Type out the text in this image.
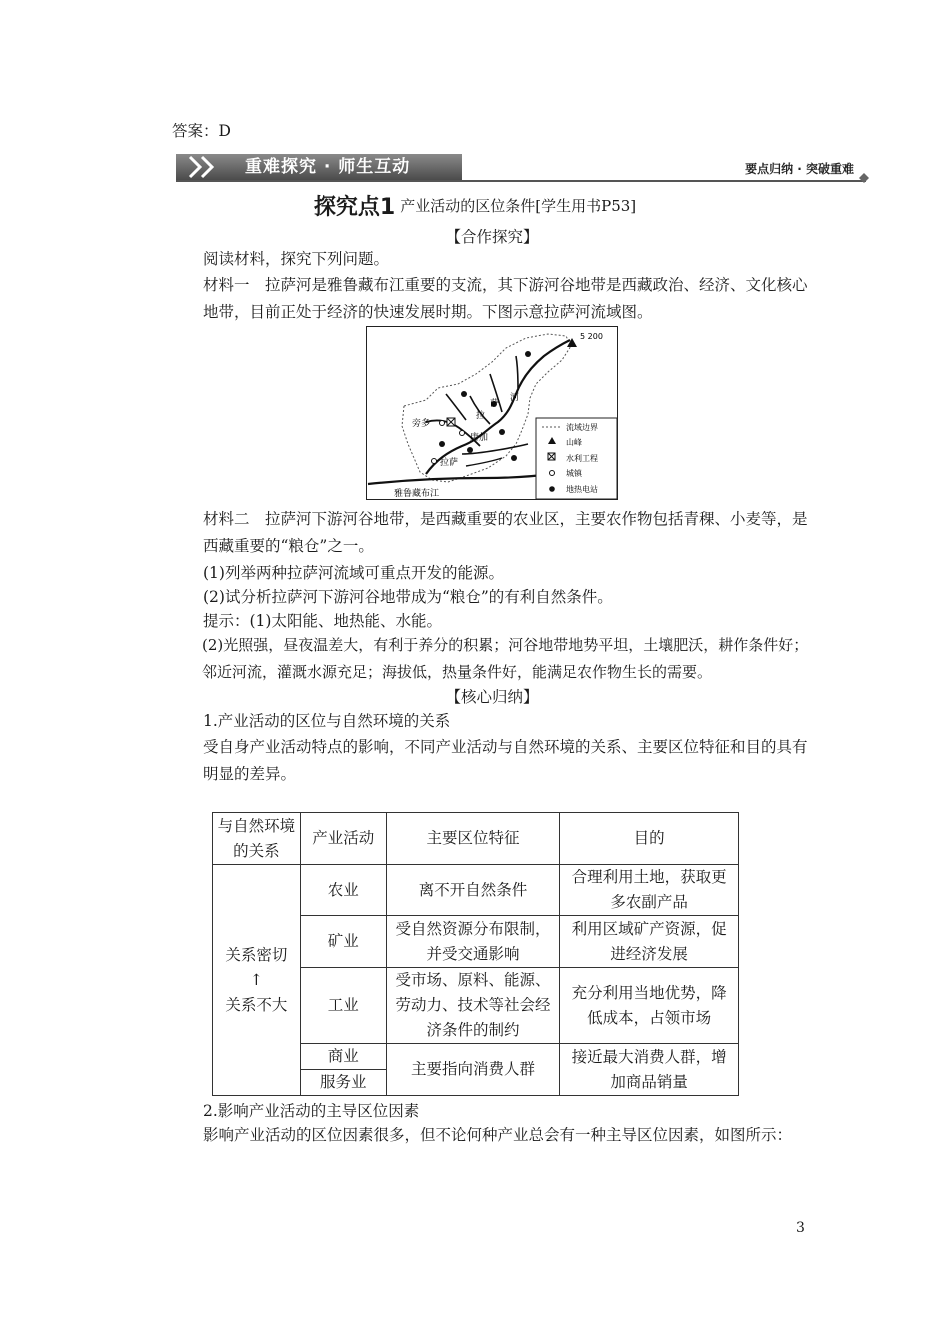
答案：D
重难探究 · 师生互动	要点归纳 · 突破重难
探究点1 产业活动的区位条件[学生用书P53]
【合作探究】
阅读材料，探究下列问题。
材料一　拉萨河是雅鲁藏布江重要的支流，其下游河谷地带是西藏政治、经济、文化核心地带，目前正处于经济的快速发展时期。下图示意拉萨河流域图。
5 200
旁多
唐加
拉萨
拉
萨
河
雅鲁藏布江
流域边界
山峰
水利工程
城镇
地热电站
材料二　拉萨河下游河谷地带，是西藏重要的农业区，主要农作物包括青稞、小麦等，是西藏重要的“粮仓”之一。
(1)列举两种拉萨河流域可重点开发的能源。
(2)试分析拉萨河下游河谷地带成为“粮仓”的有利自然条件。
提示：(1)太阳能、地热能、水能。
(2)光照强，昼夜温差大，有利于养分的积累；河谷地带地势平坦，土壤肥沃，耕作条件好；邻近河流，灌溉水源充足；海拔低，热量条件好，能满足农作物生长的需要。
【核心归纳】
1.产业活动的区位与自然环境的关系
受自身产业活动特点的影响，不同产业活动与自然环境的关系、主要区位特征和目的具有明显的差异。
与自然环境的关系	产业活动	主要区位特征	目的

关系密切
↑
关系不大	农业	离不开自然条件	合理利用土地，获取更多农副产品
	矿业	受自然资源分布限制，并受交通影响	利用区域矿产资源，促进经济发展
	工业	受市场、原料、能源、劳动力、技术等社会经济条件的制约	充分利用当地优势，降低成本，占领市场
	商业	主要指向消费人群	接近最大消费人群，增加商品销量
	服务业		
2.影响产业活动的主导区位因素
影响产业活动的区位因素很多，但不论何种产业总会有一种主导区位因素，如图所示：
3
